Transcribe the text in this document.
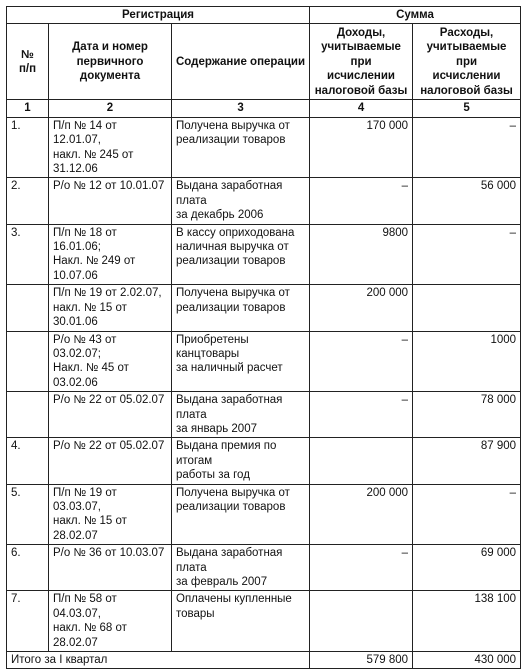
Регистрация			Сумма	
№
п/п	Дата и номер
первичного
документа	Содержание операции	Доходы,
учитываемые
при
исчислении
налоговой базы	Расходы,
учитываемые
при
исчислении
налоговой базы
1	2	3	4	5
1.	П/п № 14 от 12.01.07,
накл. № 245 от
31.12.06	Получена выручка от
реализации товаров	170 000	–
2.	Р/о № 12 от 10.01.07	Выдана заработная плата
за декабрь 2006	–	56 000
3.	П/п № 18 от 16.01.06;
Накл. № 249 от
10.07.06	В кассу оприходована
наличная выручка от
реализации товаров	9800	–
	П/п № 19 от 2.02.07,
накл. № 15 от
30.01.06	Получена выручка от
реализации товаров	200 000	
	Р/о № 43 от 03.02.07;
Накл. № 45 от
03.02.06	Приобретены канцтовары
за наличный расчет	–	1000
	Р/о № 22 от 05.02.07	Выдана заработная плата
за январь 2007	–	78 000
4.	Р/о № 22 от 05.02.07	Выдана премия по итогам
работы за год		87 900
5.	П/п № 19 от 03.03.07,
накл. № 15 от
28.02.07	Получена выручка от
реализации товаров	200 000	–
6.	Р/о № 36 от 10.03.07	Выдана заработная плата
за февраль 2007	–	69 000
7.	П/п № 58 от 04.03.07,
накл. № 68 от
28.02.07	Оплачены купленные
товары		138 100
Итого за I квартал			579 800	430 000
